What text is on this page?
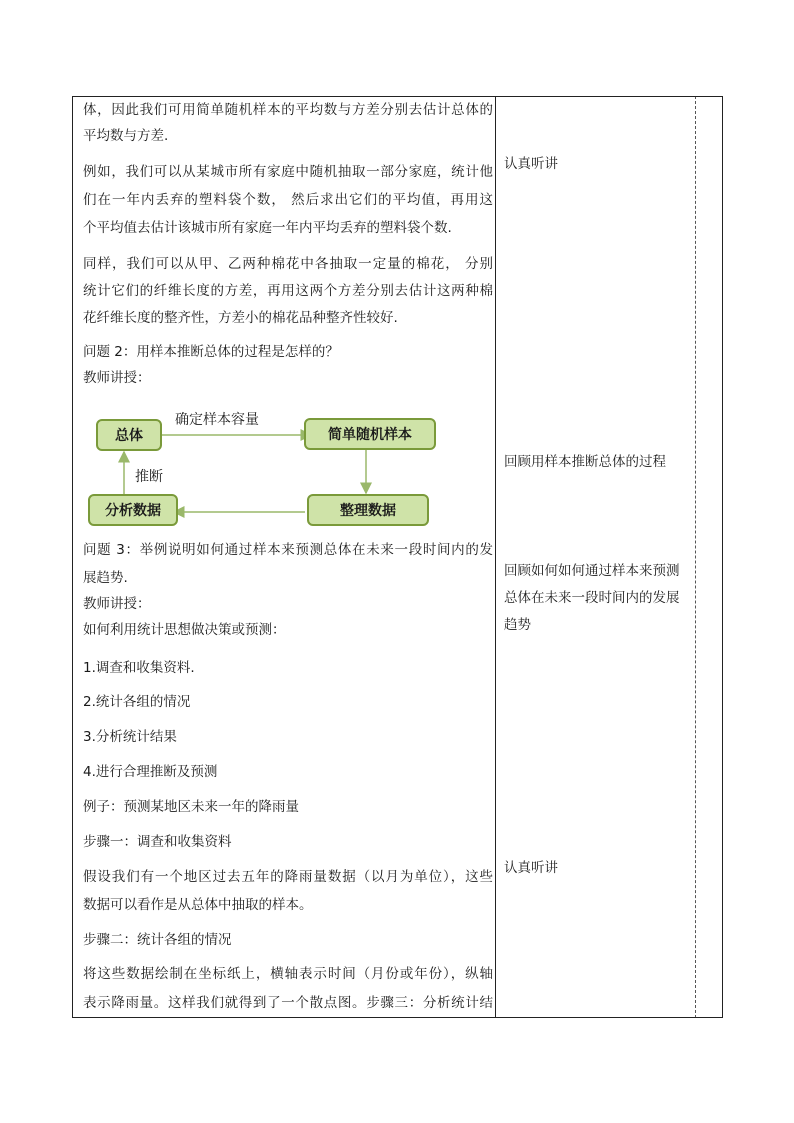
体，因此我们可用简单随机样本的平均数与方差分别去估计总体的
平均数与方差.
例如，我们可以从某城市所有家庭中随机抽取一部分家庭，统计他
们在一年内丢弃的塑料袋个数， 然后求出它们的平均值，再用这
个平均值去估计该城市所有家庭一年内平均丢弃的塑料袋个数.
同样，我们可以从甲、乙两种棉花中各抽取一定量的棉花， 分别
统计它们的纤维长度的方差，再用这两个方差分别去估计这两种棉
花纤维长度的整齐性，方差小的棉花品种整齐性较好.
问题 2：用样本推断总体的过程是怎样的？
教师讲授：
总体	简单随机样本
整理数据
分析数据
确定样本容量
推断
问题 3：举例说明如何通过样本来预测总体在未来一段时间内的发
展趋势.
教师讲授：
如何利用统计思想做决策或预测：
1.调查和收集资料.
2.统计各组的情况
3.分析统计结果
4.进行合理推断及预测
例子：预测某地区未来一年的降雨量
步骤一：调查和收集资料
假设我们有一个地区过去五年的降雨量数据（以月为单位），这些
数据可以看作是从总体中抽取的样本。
步骤二：统计各组的情况
将这些数据绘制在坐标纸上，横轴表示时间（月份或年份），纵轴
表示降雨量。这样我们就得到了一个散点图。步骤三：分析统计结
认真听讲
回顾用样本推断总体的过程
回顾如何如何通过样本来预测
总体在未来一段时间内的发展
趋势
认真听讲
